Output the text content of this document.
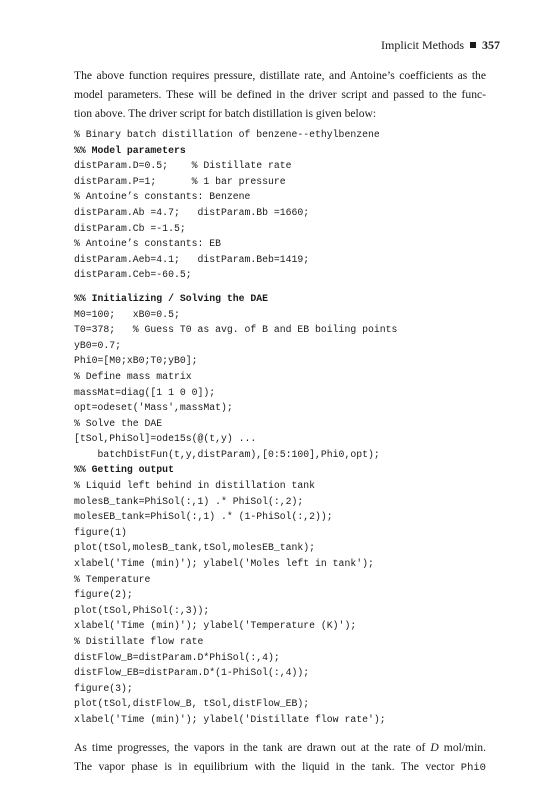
Implicit Methods 357
The above function requires pressure, distillate rate, and Antoine’s coefficients as the
model parameters. These will be defined in the driver script and passed to the func-
tion above. The driver script for batch distillation is given below:
% Binary batch distillation of benzene--ethylbenzene
%% Model parameters
distParam.D=0.5;    % Distillate rate
distParam.P=1;      % 1 bar pressure
% Antoine’s constants: Benzene
distParam.Ab =4.7;   distParam.Bb =1660;
distParam.Cb =-1.5;
% Antoine’s constants: EB
distParam.Aeb=4.1;   distParam.Beb=1419;
distParam.Ceb=-60.5;
%% Initializing / Solving the DAE
M0=100;   xB0=0.5;
T0=378;   % Guess T0 as avg. of B and EB boiling points
yB0=0.7;
Phi0=[M0;xB0;T0;yB0];
% Define mass matrix
massMat=diag([1 1 0 0]);
opt=odeset('Mass',massMat);
% Solve the DAE
[tSol,PhiSol]=ode15s(@(t,y) ...
batchDistFun(t,y,distParam),[0:5:100],Phi0,opt);
%% Getting output
% Liquid left behind in distillation tank
molesB_tank=PhiSol(:,1) .* PhiSol(:,2);
molesEB_tank=PhiSol(:,1) .* (1-PhiSol(:,2));
figure(1)
plot(tSol,molesB_tank,tSol,molesEB_tank);
xlabel('Time (min)'); ylabel('Moles left in tank');
% Temperature
figure(2);
plot(tSol,PhiSol(:,3));
xlabel('Time (min)'); ylabel('Temperature (K)');
% Distillate flow rate
distFlow_B=distParam.D*PhiSol(:,4);
distFlow_EB=distParam.D*(1-PhiSol(:,4));
figure(3);
plot(tSol,distFlow_B, tSol,distFlow_EB);
xlabel('Time (min)'); ylabel('Distillate flow rate');
As time progresses, the vapors in the tank are drawn out at the rate of D mol/min.
The vapor phase is in equilibrium with the liquid in the tank. The vector Phi0
